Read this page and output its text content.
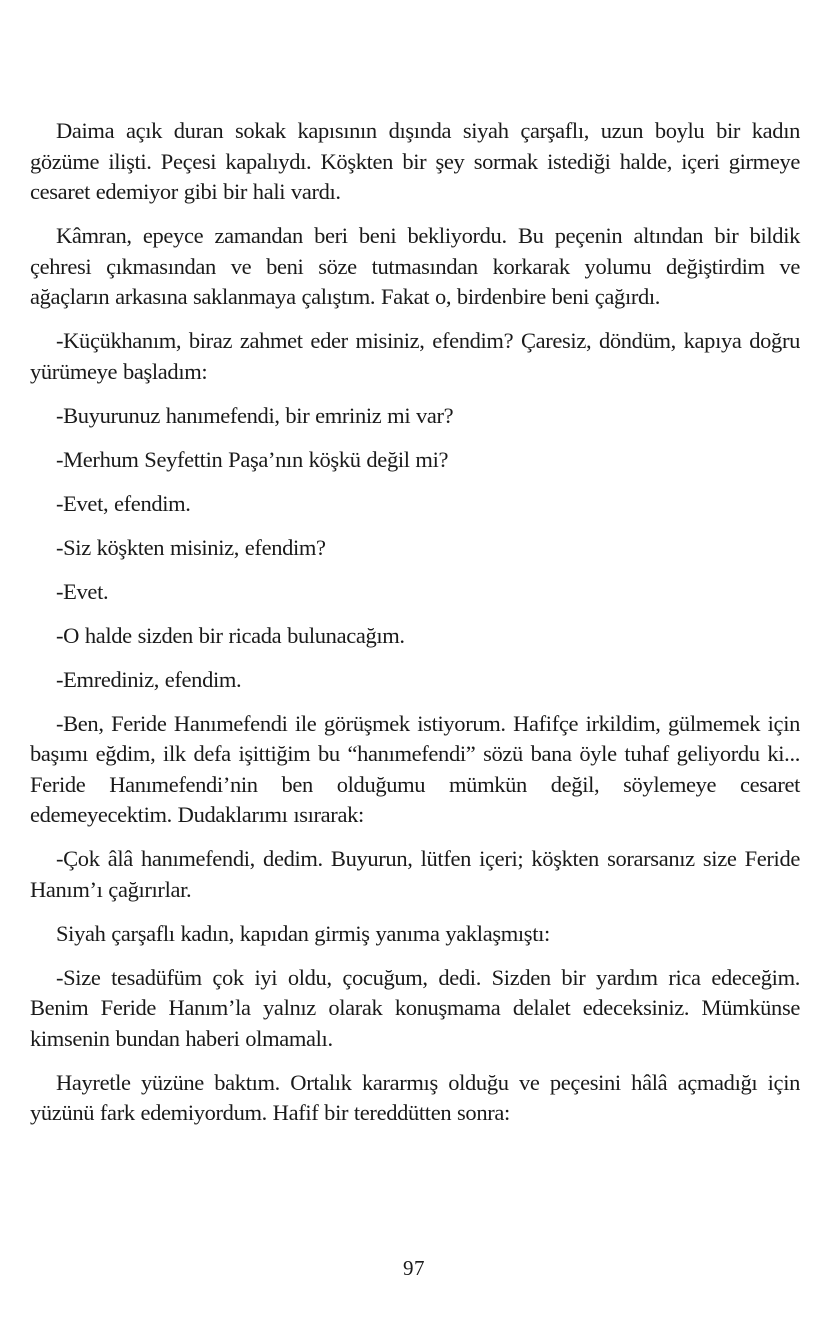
Daima açık duran sokak kapısının dışında siyah çarşaflı, uzun boylu bir kadın gözüme ilişti. Peçesi kapalıydı. Köşkten bir şey sormak istediği halde, içeri girmeye cesaret edemiyor gibi bir hali vardı.

Kâmran, epeyce zamandan beri beni bekliyordu. Bu peçenin altından bir bildik çehresi çıkmasından ve beni söze tutmasından korkarak yolumu değiştirdim ve ağaçların arkasına saklanmaya çalıştım. Fakat o, birdenbire beni çağırdı.

-Küçükhanım, biraz zahmet eder misiniz, efendim? Çaresiz, döndüm, kapıya doğru yürümeye başladım:

-Buyurunuz hanımefendi, bir emriniz mi var?

-Merhum Seyfettin Paşa’nın köşkü değil mi?

-Evet, efendim.

-Siz köşkten misiniz, efendim?

-Evet.

-O halde sizden bir ricada bulunacağım.

-Emrediniz, efendim.

-Ben, Feride Hanımefendi ile görüşmek istiyorum. Hafifçe irkildim, gülmemek için başımı eğdim, ilk defa işittiğim bu “hanımefendi” sözü bana öyle tuhaf geliyordu ki... Feride Hanımefendi’nin ben olduğumu mümkün değil, söylemeye cesaret edemeyecektim. Dudaklarımı ısırarak:

-Çok âlâ hanımefendi, dedim. Buyurun, lütfen içeri; köşkten sorarsanız size Feride Hanım’ı çağırırlar.

Siyah çarşaflı kadın, kapıdan girmiş yanıma yaklaşmıştı:

-Size tesadüfüm çok iyi oldu, çocuğum, dedi. Sizden bir yardım rica edeceğim. Benim Feride Hanım’la yalnız olarak konuşmama delalet edeceksiniz. Mümkünse kimsenin bundan haberi olmamalı.

Hayretle yüzüne baktım. Ortalık kararmış olduğu ve peçesini hâlâ açmadığı için yüzünü fark edemiyordum. Hafif bir tereddütten sonra:

97
